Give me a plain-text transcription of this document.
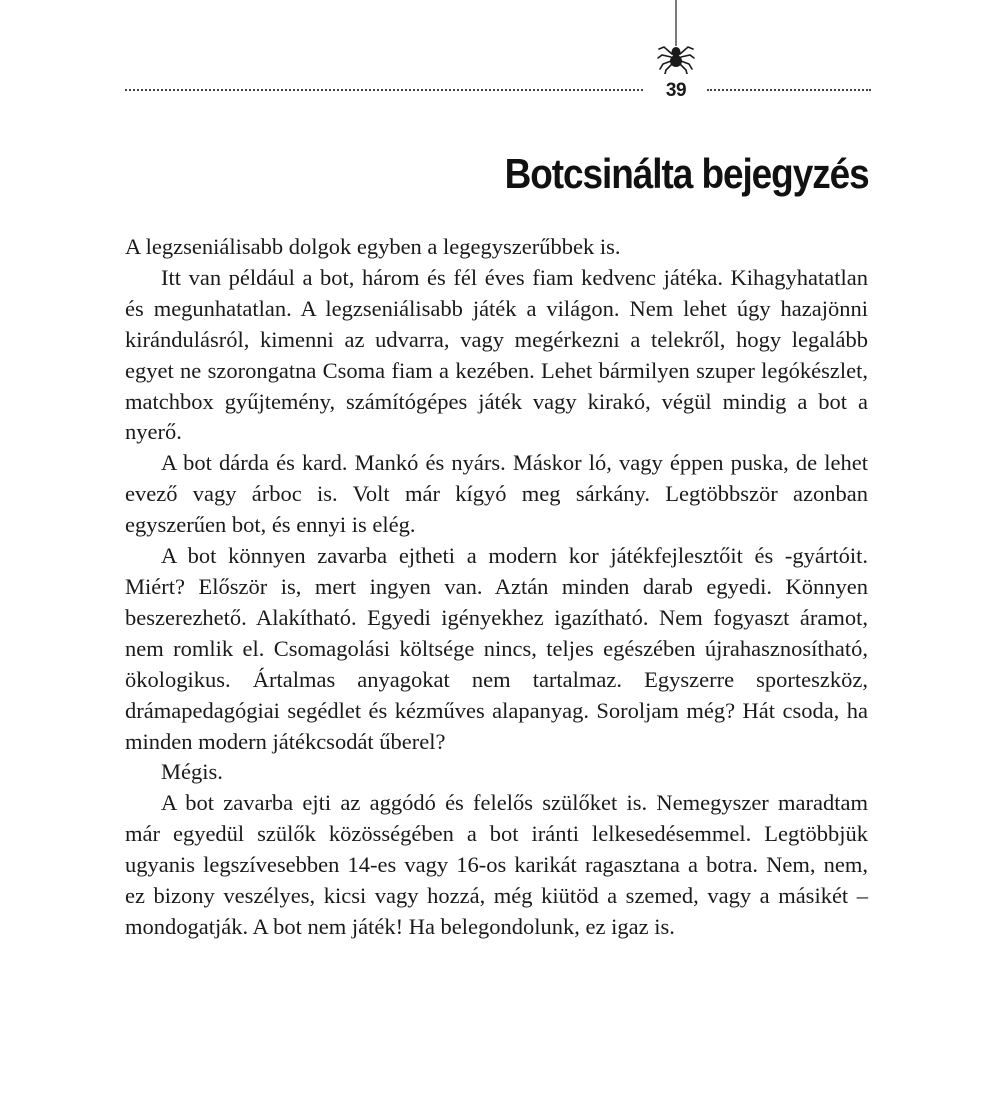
39
Botcsinálta bejegyzés

A legzseniálisabb dolgok egyben a legegyszerűbbek is.

Itt van például a bot, három és fél éves fiam kedvenc játéka. Kihagyhatatlan és megunhatatlan. A legzseniálisabb játék a világon. Nem lehet úgy hazajönni kirándulásról, kimenni az udvarra, vagy megérkezni a telekről, hogy legalább egyet ne szorongatna Csoma fiam a kezében. Lehet bármilyen szuper legókészlet, matchbox gyűjtemény, számítógépes játék vagy kirakó, végül mindig a bot a nyerő.

A bot dárda és kard. Mankó és nyárs. Máskor ló, vagy éppen puska, de lehet evező vagy árboc is. Volt már kígyó meg sárkány. Legtöbbször azonban egyszerűen bot, és ennyi is elég.

A bot könnyen zavarba ejtheti a modern kor játékfejlesztőit és -gyártóit. Miért? Először is, mert ingyen van. Aztán minden darab egyedi. Könnyen beszerezhető. Alakítható. Egyedi igényekhez igazítható. Nem fogyaszt áramot, nem romlik el. Csomagolási költsége nincs, teljes egészében újrahasznosítható, ökologikus. Ártalmas anyagokat nem tartalmaz. Egyszerre sporteszköz, drámapedagógiai segédlet és kézműves alapanyag. Soroljam még? Hát csoda, ha minden modern játékcsodát űberel?

Mégis.

A bot zavarba ejti az aggódó és felelős szülőket is. Nemegyszer maradtam már egyedül szülők közösségében a bot iránti lelkesedésemmel. Legtöbbjük ugyanis legszívesebben 14-es vagy 16-os karikát ragasztana a botra. Nem, nem, ez bizony veszélyes, kicsi vagy hozzá, még kiütöd a szemed, vagy a másikét – mondogatják. A bot nem játék! Ha belegondolunk, ez igaz is.
